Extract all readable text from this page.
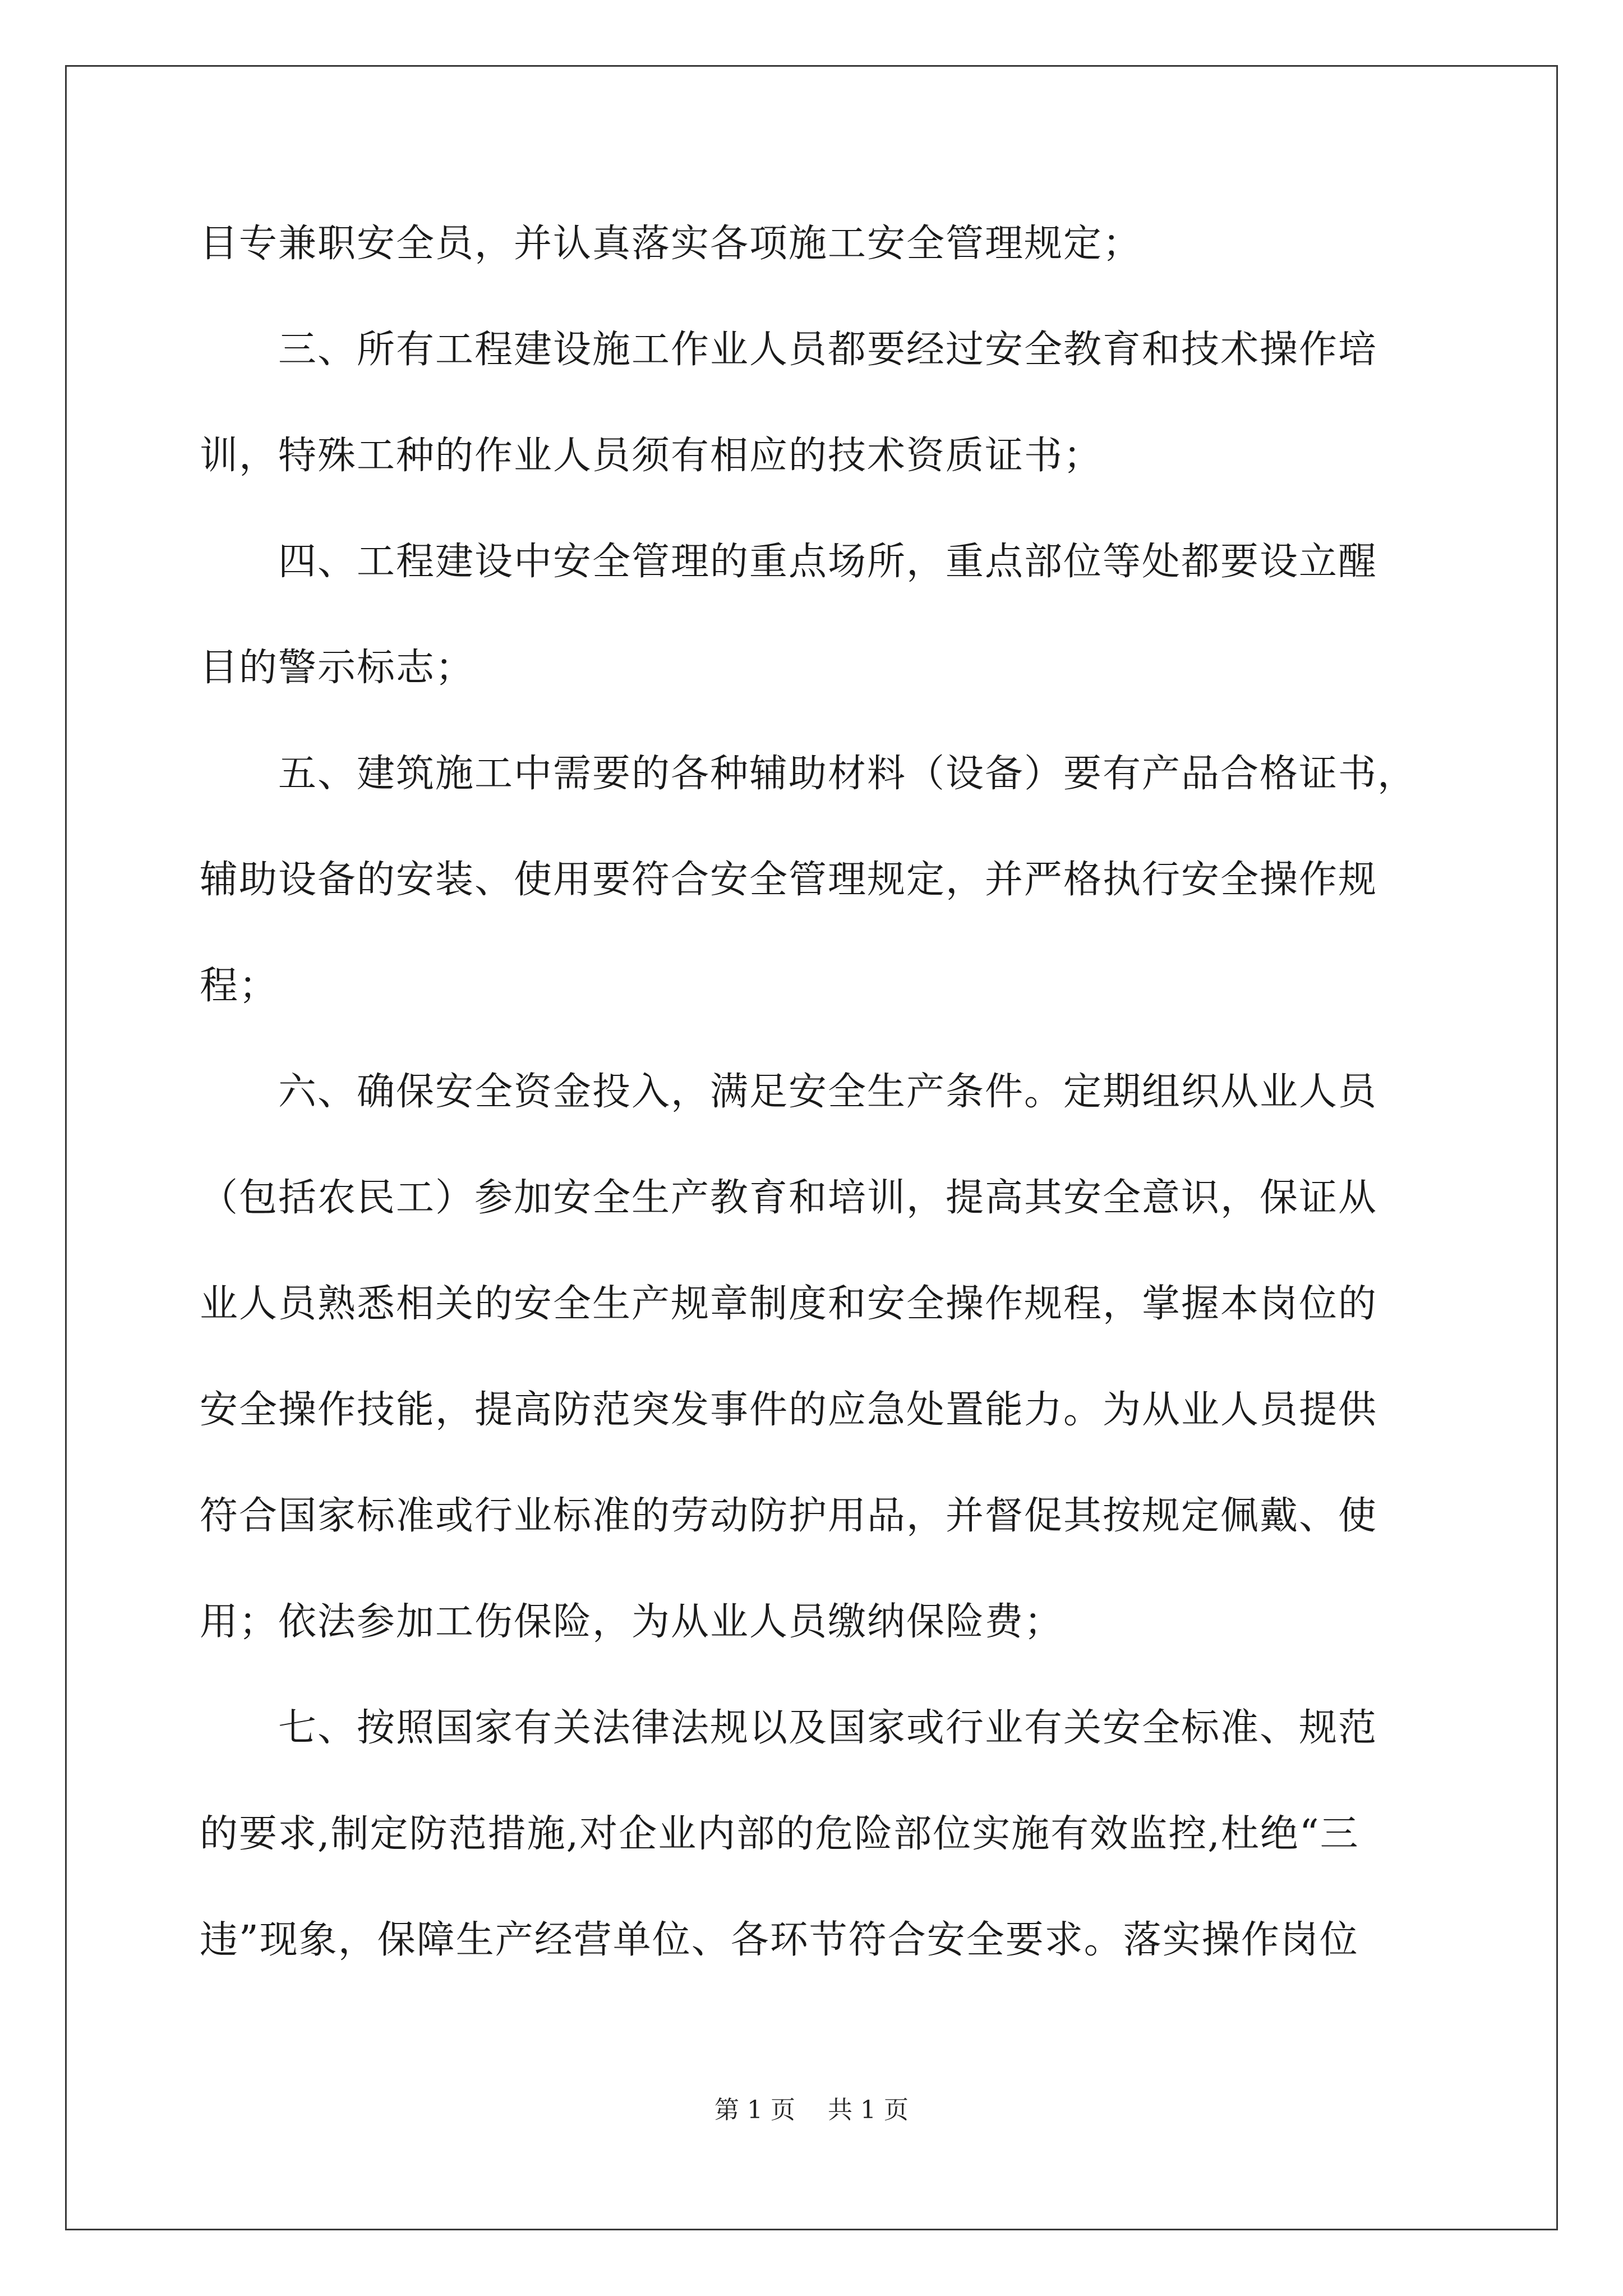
目专兼职安全员，并认真落实各项施工安全管理规定；
　　三、所有工程建设施工作业人员都要经过安全教育和技术操作培
训，特殊工种的作业人员须有相应的技术资质证书；
　　四、工程建设中安全管理的重点场所，重点部位等处都要设立醒
目的警示标志；
　　五、建筑施工中需要的各种辅助材料（设备）要有产品合格证书，
辅助设备的安装、使用要符合安全管理规定，并严格执行安全操作规
程；
　　六、确保安全资金投入，满足安全生产条件。定期组织从业人员
（包括农民工）参加安全生产教育和培训，提高其安全意识，保证从
业人员熟悉相关的安全生产规章制度和安全操作规程，掌握本岗位的
安全操作技能，提高防范突发事件的应急处置能力。为从业人员提供
符合国家标准或行业标准的劳动防护用品，并督促其按规定佩戴、使
用；依法参加工伤保险，为从业人员缴纳保险费；
　　七、按照国家有关法律法规以及国家或行业有关安全标准、规范
的要求,制定防范措施,对企业内部的危险部位实施有效监控,杜绝“三
违”现象，保障生产经营单位、各环节符合安全要求。落实操作岗位
第 1 页　 共 1 页
